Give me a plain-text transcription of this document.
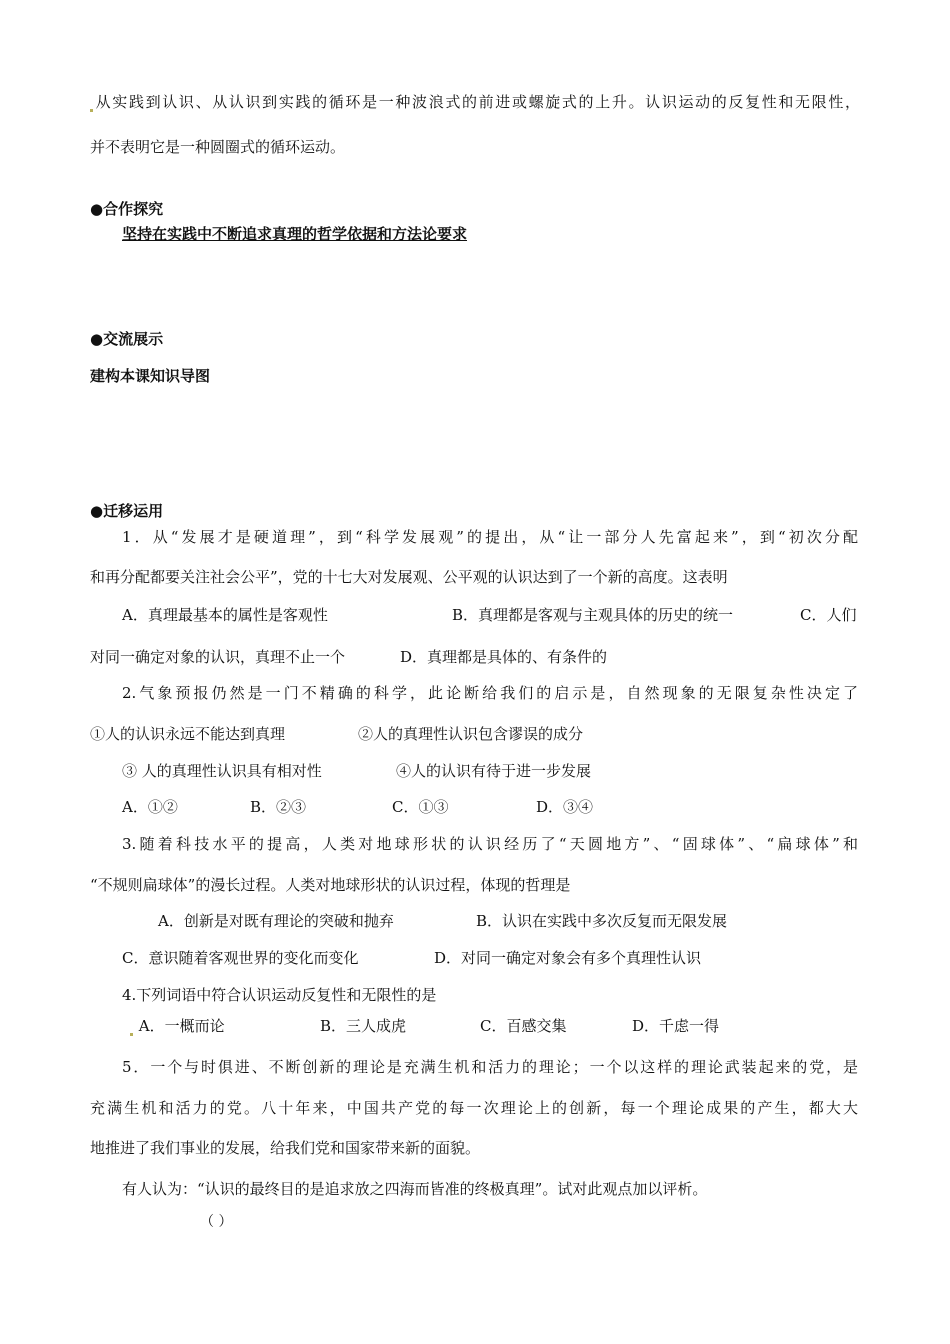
从实践到认识、从认识到实践的循环是一种波浪式的前进或螺旋式的上升。认识运动的反复性和无限性，
并不表明它是一种圆圈式的循环运动。
●合作探究
坚持在实践中不断追求真理的哲学依据和方法论要求
●交流展示
建构本课知识导图
●迁移运用
1．从“发展才是硬道理”，到“科学发展观”的提出，从“让一部分人先富起来”，到“初次分配
和再分配都要关注社会公平”，党的十七大对发展观、公平观的认识达到了一个新的高度。这表明
A．真理最基本的属性是客观性	B．真理都是客观与主观具体的历史的统一	C．人们
对同一确定对象的认识，真理不止一个	D．真理都是具体的、有条件的
2.气象预报仍然是一门不精确的科学，此论断给我们的启示是，自然现象的无限复杂性决定了
①人的认识永远不能达到真理	②人的真理性认识包含谬误的成分
③ 人的真理性认识具有相对性	④人的认识有待于进一步发展
A．①②	B．②③	C．①③	D．③④
3.随着科技水平的提高，人类对地球形状的认识经历了“天圆地方”、“固球体”、“扁球体”和
“不规则扁球体”的漫长过程。人类对地球形状的认识过程，体现的哲理是
A．创新是对既有理论的突破和抛弃	B．认识在实践中多次反复而无限发展
C．意识随着客观世界的变化而变化	D．对同一确定对象会有多个真理性认识
4.下列词语中符合认识运动反复性和无限性的是
A．一概而论	B．三人成虎	C．百感交集	D．千虑一得
5．一个与时俱进、不断创新的理论是充满生机和活力的理论；一个以这样的理论武装起来的党，是
充满生机和活力的党。八十年来，中国共产党的每一次理论上的创新，每一个理论成果的产生，都大大
地推进了我们事业的发展，给我们党和国家带来新的面貌。
有人认为：“认识的最终目的是追求放之四海而皆准的终极真理”。试对此观点加以评析。
（ ）
